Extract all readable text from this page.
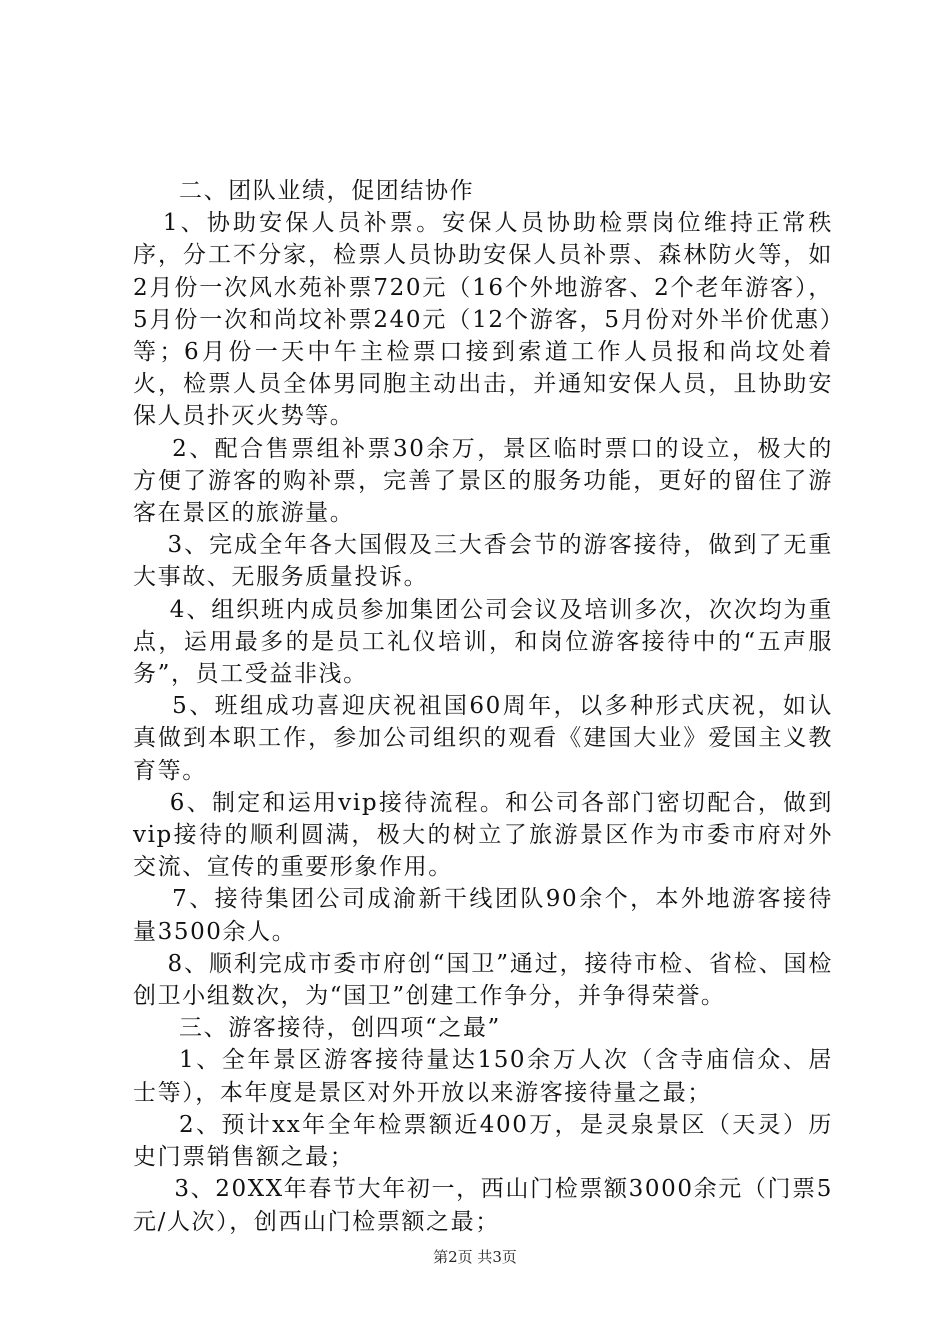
二、团队业绩，促团结协作

1、协助安保人员补票。安保人员协助检票岗位维持正常秩序，分工不分家，检票人员协助安保人员补票、森林防火等，如2月份一次风水苑补票720元（16个外地游客、2个老年游客），5月份一次和尚坟补票240元（12个游客，5月份对外半价优惠）等；6月份一天中午主检票口接到索道工作人员报和尚坟处着火，检票人员全体男同胞主动出击，并通知安保人员，且协助安保人员扑灭火势等。

2、配合售票组补票30余万，景区临时票口的设立，极大的方便了游客的购补票，完善了景区的服务功能，更好的留住了游客在景区的旅游量。

3、完成全年各大国假及三大香会节的游客接待，做到了无重大事故、无服务质量投诉。

4、组织班内成员参加集团公司会议及培训多次，次次均为重点，运用最多的是员工礼仪培训，和岗位游客接待中的“五声服务”，员工受益非浅。

5、班组成功喜迎庆祝祖国60周年，以多种形式庆祝，如认真做到本职工作，参加公司组织的观看《建国大业》爱国主义教育等。

6、制定和运用vip接待流程。和公司各部门密切配合，做到vip接待的顺利圆满，极大的树立了旅游景区作为市委市府对外交流、宣传的重要形象作用。

7、接待集团公司成渝新干线团队90余个，本外地游客接待量3500余人。

8、顺利完成市委市府创“国卫”通过，接待市检、省检、国检创卫小组数次，为“国卫”创建工作争分，并争得荣誉。

三、游客接待，创四项“之最”

1、全年景区游客接待量达150余万人次（含寺庙信众、居士等），本年度是景区对外开放以来游客接待量之最；

2、预计xx年全年检票额近400万，是灵泉景区（天灵）历史门票销售额之最；

3、20XX年春节大年初一，西山门检票额3000余元（门票5元/人次），创西山门检票额之最；

第2页 共3页
